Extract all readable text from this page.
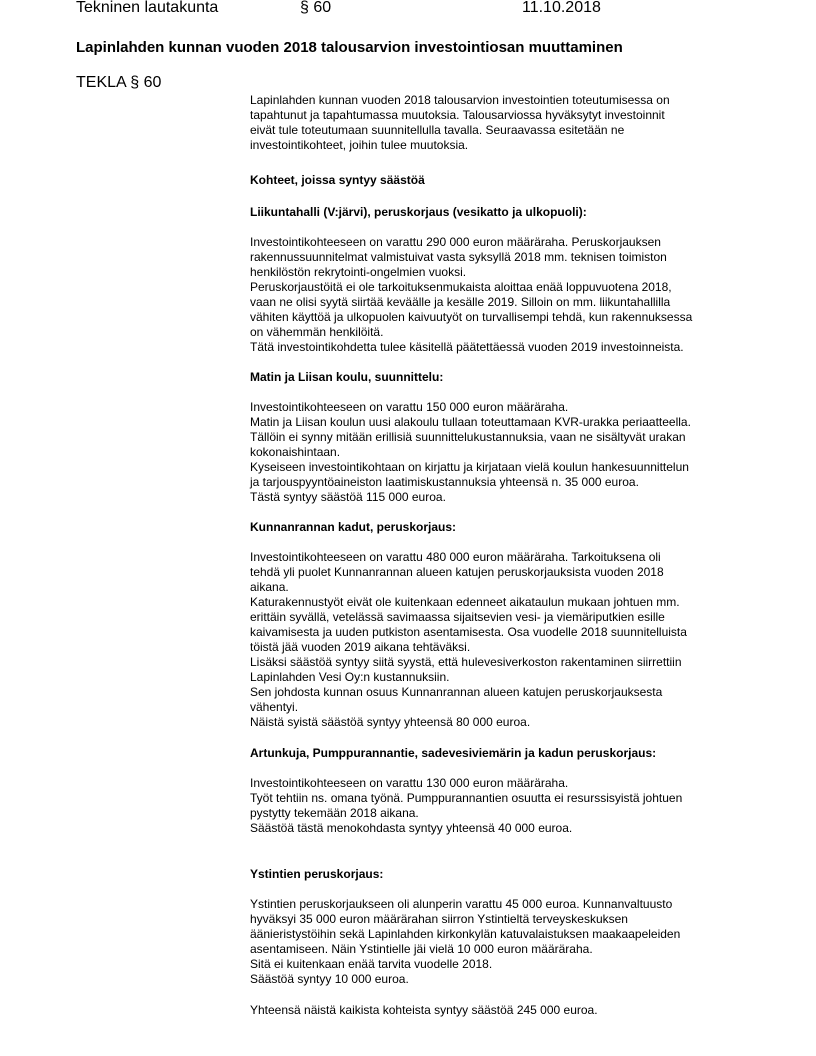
Tekninen lautakunta	§ 60	11.10.2018
Lapinlahden kunnan vuoden 2018 talousarvion investointiosan muuttaminen
TEKLA § 60
Lapinlahden kunnan vuoden 2018 talousarvion investointien toteutumisessa on
tapahtunut ja tapahtumassa muutoksia. Talousarviossa hyväksytyt investoinnit
eivät tule toteutumaan suunnitellulla tavalla. Seuraavassa esitetään ne
investointikohteet, joihin tulee muutoksia.
Kohteet, joissa syntyy säästöä
Liikuntahalli (V:järvi), peruskorjaus (vesikatto ja ulkopuoli):
Investointikohteeseen on varattu 290 000 euron määräraha. Peruskorjauksen
rakennussuunnitelmat valmistuivat vasta syksyllä 2018 mm. teknisen toimiston
henkilöstön rekrytointi-ongelmien vuoksi.
Peruskorjaustöitä ei ole tarkoituksenmukaista aloittaa enää loppuvuotena 2018,
vaan ne olisi syytä siirtää keväälle ja kesälle 2019. Silloin on mm. liikuntahallilla
vähiten käyttöä ja ulkopuolen kaivuutyöt on turvallisempi tehdä, kun rakennuksessa
on vähemmän henkilöitä.
Tätä investointikohdetta tulee käsitellä päätettäessä vuoden 2019 investoinneista.
Matin ja Liisan koulu, suunnittelu:
Investointikohteeseen on varattu 150 000 euron määräraha.
Matin ja Liisan koulun uusi alakoulu tullaan toteuttamaan KVR-urakka periaatteella.
Tällöin ei synny mitään erillisiä suunnittelukustannuksia, vaan ne sisältyvät urakan
kokonaishintaan.
Kyseiseen investointikohtaan on kirjattu ja kirjataan vielä koulun hankesuunnittelun
ja tarjouspyyntöaineiston laatimiskustannuksia yhteensä n. 35 000 euroa.
Tästä syntyy säästöä 115 000 euroa.
Kunnanrannan kadut, peruskorjaus:
Investointikohteeseen on varattu 480 000 euron määräraha. Tarkoituksena oli
tehdä yli puolet Kunnanrannan alueen katujen peruskorjauksista vuoden 2018
aikana.
Katurakennustyöt eivät ole kuitenkaan edenneet aikataulun mukaan johtuen mm.
erittäin syvällä, vetelässä savimaassa sijaitsevien vesi- ja viemäriputkien esille
kaivamisesta ja uuden putkiston asentamisesta. Osa vuodelle 2018 suunnitelluista
töistä jää vuoden 2019 aikana tehtäväksi.
Lisäksi säästöä syntyy siitä syystä, että hulevesiverkoston rakentaminen siirrettiin
Lapinlahden Vesi Oy:n kustannuksiin.
Sen johdosta kunnan osuus Kunnanrannan alueen katujen peruskorjauksesta
vähentyi.
Näistä syistä säästöä syntyy yhteensä 80 000 euroa.
Artunkuja, Pumppurannantie, sadevesiviemärin ja kadun peruskorjaus:
Investointikohteeseen on varattu 130 000 euron määräraha.
Työt tehtiin ns. omana työnä. Pumppurannantien osuutta ei resurssisyistä johtuen
pystytty tekemään 2018 aikana.
Säästöä tästä menokohdasta syntyy yhteensä 40 000 euroa.
Ystintien peruskorjaus:
Ystintien peruskorjaukseen oli alunperin varattu 45 000 euroa. Kunnanvaltuusto
hyväksyi 35 000 euron määrärahan siirron Ystintieltä terveyskeskuksen
äänieristystöihin sekä Lapinlahden kirkonkylän katuvalaistuksen maakaapeleiden
asentamiseen. Näin Ystintielle jäi vielä 10 000 euron määräraha.
Sitä ei kuitenkaan enää tarvita vuodelle 2018.
Säästöä syntyy 10 000 euroa.
Yhteensä näistä kaikista kohteista syntyy säästöä 245 000 euroa.
